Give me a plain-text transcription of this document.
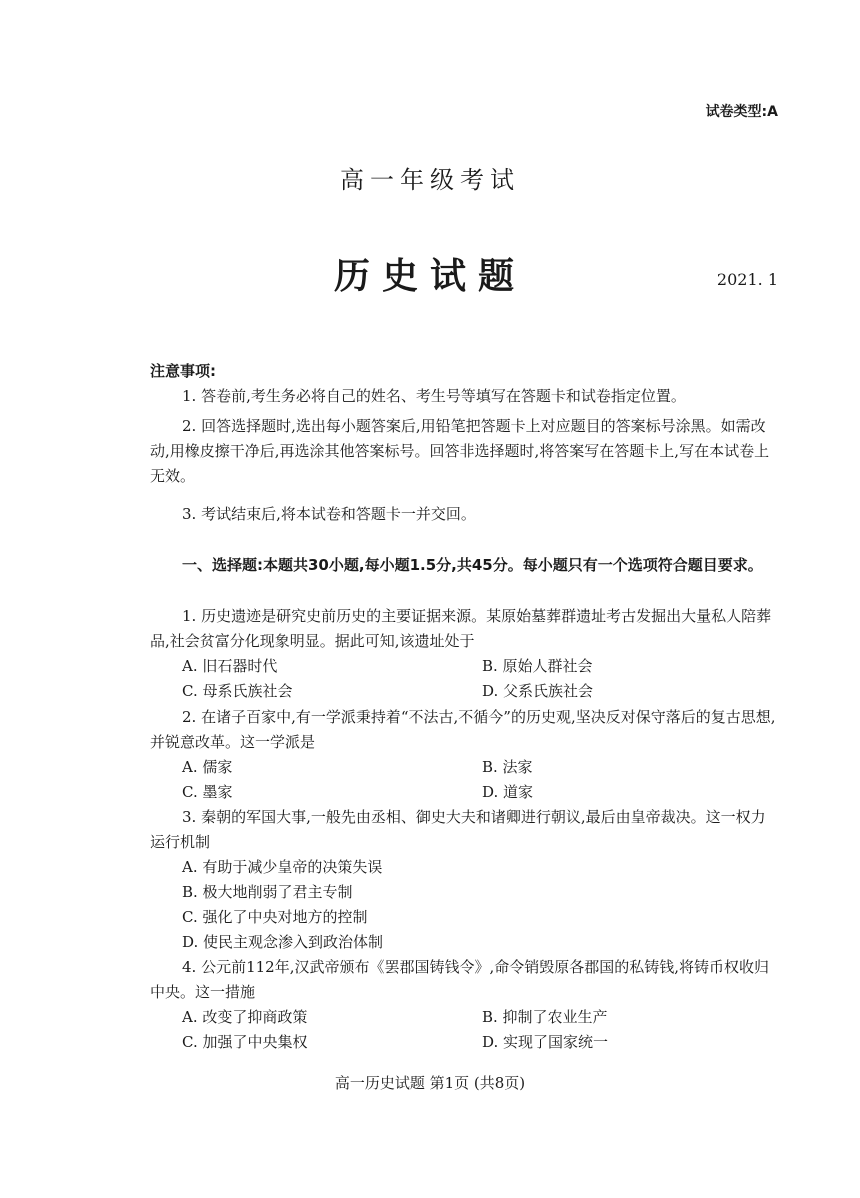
试卷类型:A
高一年级考试
历史试题	2021. 1
注意事项:
1. 答卷前,考生务必将自己的姓名、考生号等填写在答题卡和试卷指定位置。
2. 回答选择题时,选出每小题答案后,用铅笔把答题卡上对应题目的答案标号涂黑。如需改动,用橡皮擦干净后,再选涂其他答案标号。回答非选择题时,将答案写在答题卡上,写在本试卷上无效。
3. 考试结束后,将本试卷和答题卡一并交回。
一、选择题:本题共30小题,每小题1.5分,共45分。每小题只有一个选项符合题目要求。
1. 历史遗迹是研究史前历史的主要证据来源。某原始墓葬群遗址考古发掘出大量私人陪葬品,社会贫富分化现象明显。据此可知,该遗址处于
A. 旧石器时代	B. 原始人群社会
C. 母系氏族社会	D. 父系氏族社会
2. 在诸子百家中,有一学派秉持着“不法古,不循今”的历史观,坚决反对保守落后的复古思想,并锐意改革。这一学派是
A. 儒家	B. 法家
C. 墨家	D. 道家
3. 秦朝的军国大事,一般先由丞相、御史大夫和诸卿进行朝议,最后由皇帝裁决。这一权力运行机制
A. 有助于减少皇帝的决策失误
B. 极大地削弱了君主专制
C. 强化了中央对地方的控制
D. 使民主观念渗入到政治体制
4. 公元前112年,汉武帝颁布《罢郡国铸钱令》,命令销毁原各郡国的私铸钱,将铸币权收归中央。这一措施
A. 改变了抑商政策	B. 抑制了农业生产
C. 加强了中央集权	D. 实现了国家统一
高一历史试题 第1页 (共8页)
